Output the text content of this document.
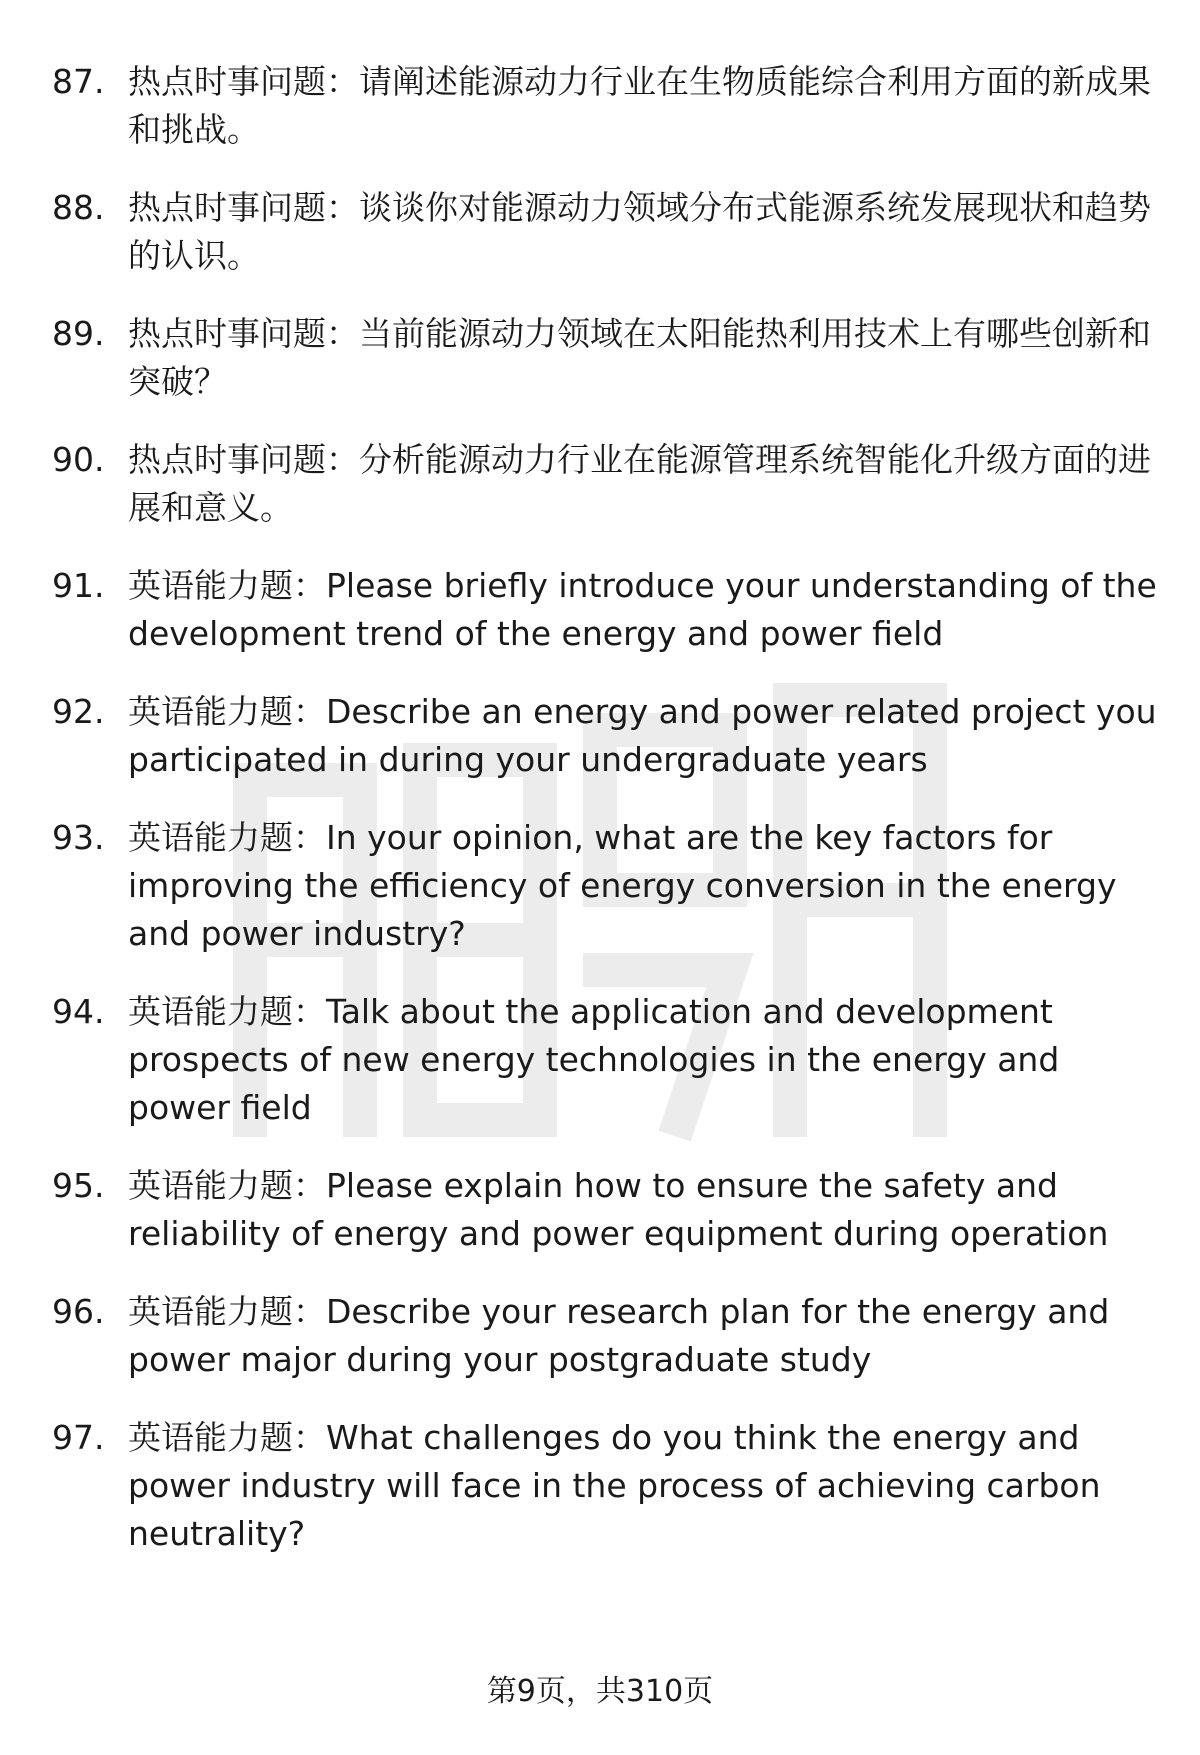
87. 热点时事问题：请阐述能源动力行业在生物质能综合利用方面的新成果和挑战。
88. 热点时事问题：谈谈你对能源动力领域分布式能源系统发展现状和趋势的认识。
89. 热点时事问题：当前能源动力领域在太阳能热利用技术上有哪些创新和突破？
90. 热点时事问题：分析能源动力行业在能源管理系统智能化升级方面的进展和意义。
91. 英语能力题：Please briefly introduce your understanding of the development trend of the energy and power field
92. 英语能力题：Describe an energy and power related project you participated in during your undergraduate years
93. 英语能力题：In your opinion, what are the key factors for improving the efficiency of energy conversion in the energy and power industry?
94. 英语能力题：Talk about the application and development prospects of new energy technologies in the energy and power field
95. 英语能力题：Please explain how to ensure the safety and reliability of energy and power equipment during operation
96. 英语能力题：Describe your research plan for the energy and power major during your postgraduate study
97. 英语能力题：What challenges do you think the energy and power industry will face in the process of achieving carbon neutrality?
第9页，共310页
